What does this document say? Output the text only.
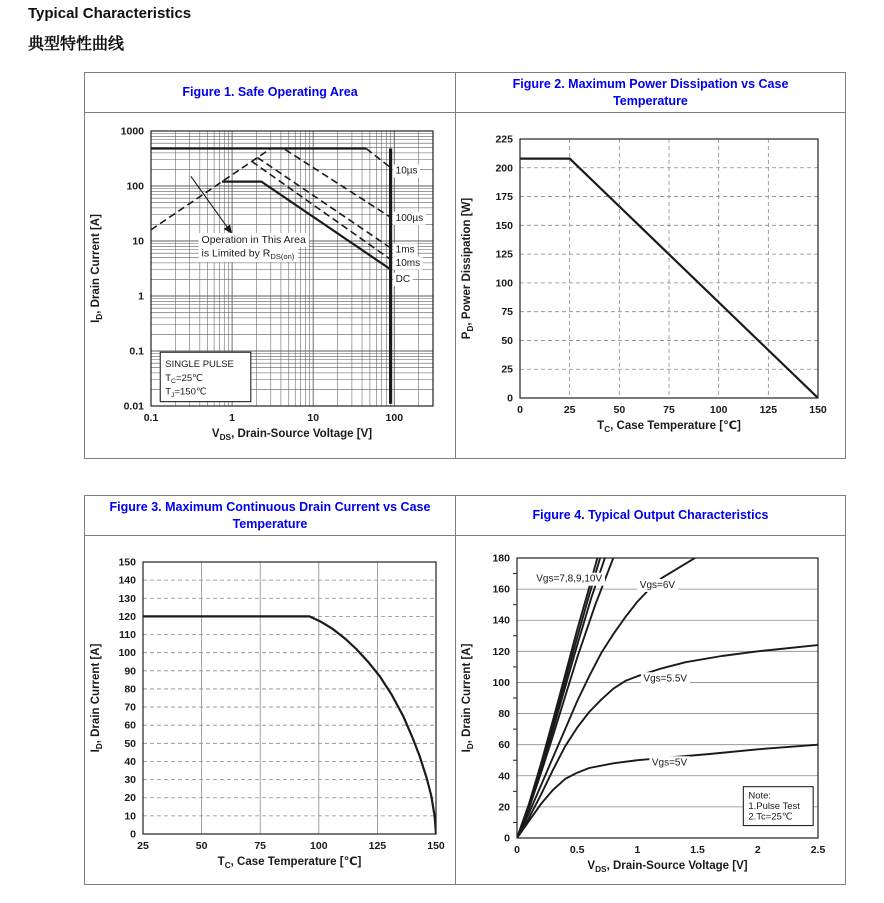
Typical Characteristics
典型特性曲线
Figure 1. Safe Operating Area
0.1	1	10	100
0.01
0.1
1
10
100
1000
$V_{DS}$, Drain-Source Voltage [V]
$I_D$, Drain Current [A]
SINGLE PULSE
$T_C=25℃$
$T_J=150℃$
Operation in This Area
is Limited by $R_{DS(on)}$
10µs
100µs
1ms
10ms
DC
Figure 2. Maximum Power Dissipation vs Case Temperature
0	25	50	75	100	125	150
0
25
50
75
100
125
150
175
200
225
$T_C$, Case Temperature [℃]
$P_D$, Power Dissipation [W]
Figure 3. Maximum Continuous Drain Current vs Case Temperature
25	50	75	100	125	150
0
10
20
30
40
50
60
70
80
90
100
110
120
130
140
150
$T_C$, Case Temperature [℃]
$I_D$, Drain Current [A]
Figure 4. Typical Output Characteristics
0	0.5	1	1.5	2	2.5
0
20
40
60
80
100
120
140
160
180
$V_{DS}$, Drain-Source Voltage [V]
$I_D$, Drain Current [A]
Note:
1.Pulse Test
2.Tc=25℃
Vgs=7,8,9,10V
Vgs=6V
Vgs=5.5V
Vgs=5V
